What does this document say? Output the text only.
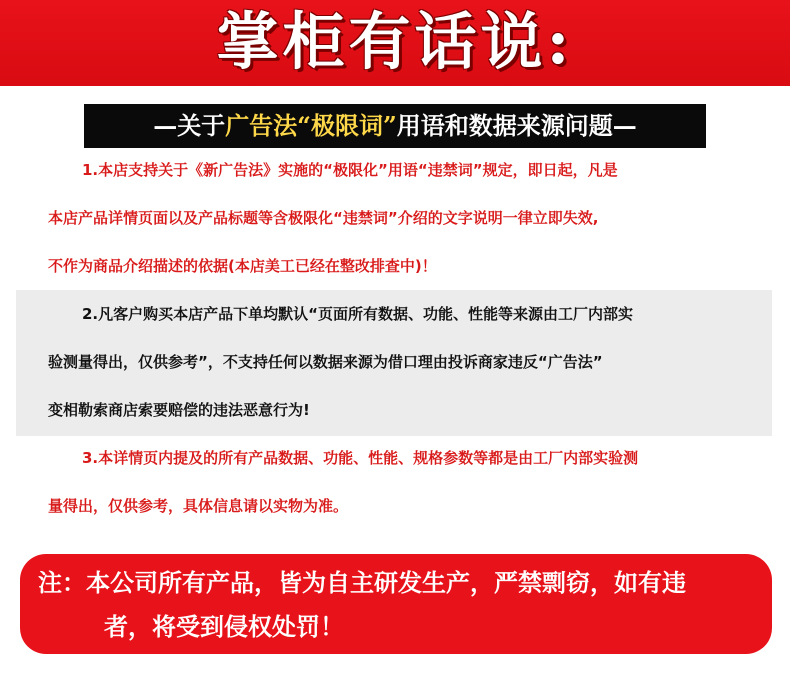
掌柜有话说:
—关于广告法“极限词”用语和数据来源问题—
1.本店支持关于《新广告法》实施的“极限化”用语“违禁词”规定，即日起，凡是
本店产品详情页面以及产品标题等含极限化“违禁词”介绍的文字说明一律立即失效,
不作为商品介绍描述的依据(本店美工已经在整改排查中)！
2.凡客户购买本店产品下单均默认“页面所有数据、功能、性能等来源由工厂内部实
验测量得出，仅供参考”，不支持任何以数据来源为借口理由投诉商家违反“广告法”
变相勒索商店索要赔偿的违法恶意行为!
3.本详情页内提及的所有产品数据、功能、性能、规格参数等都是由工厂内部实验测
量得出，仅供参考，具体信息请以实物为准。
注：本公司所有产品，皆为自主研发生产，严禁剽窃，如有违
者，将受到侵权处罚！
